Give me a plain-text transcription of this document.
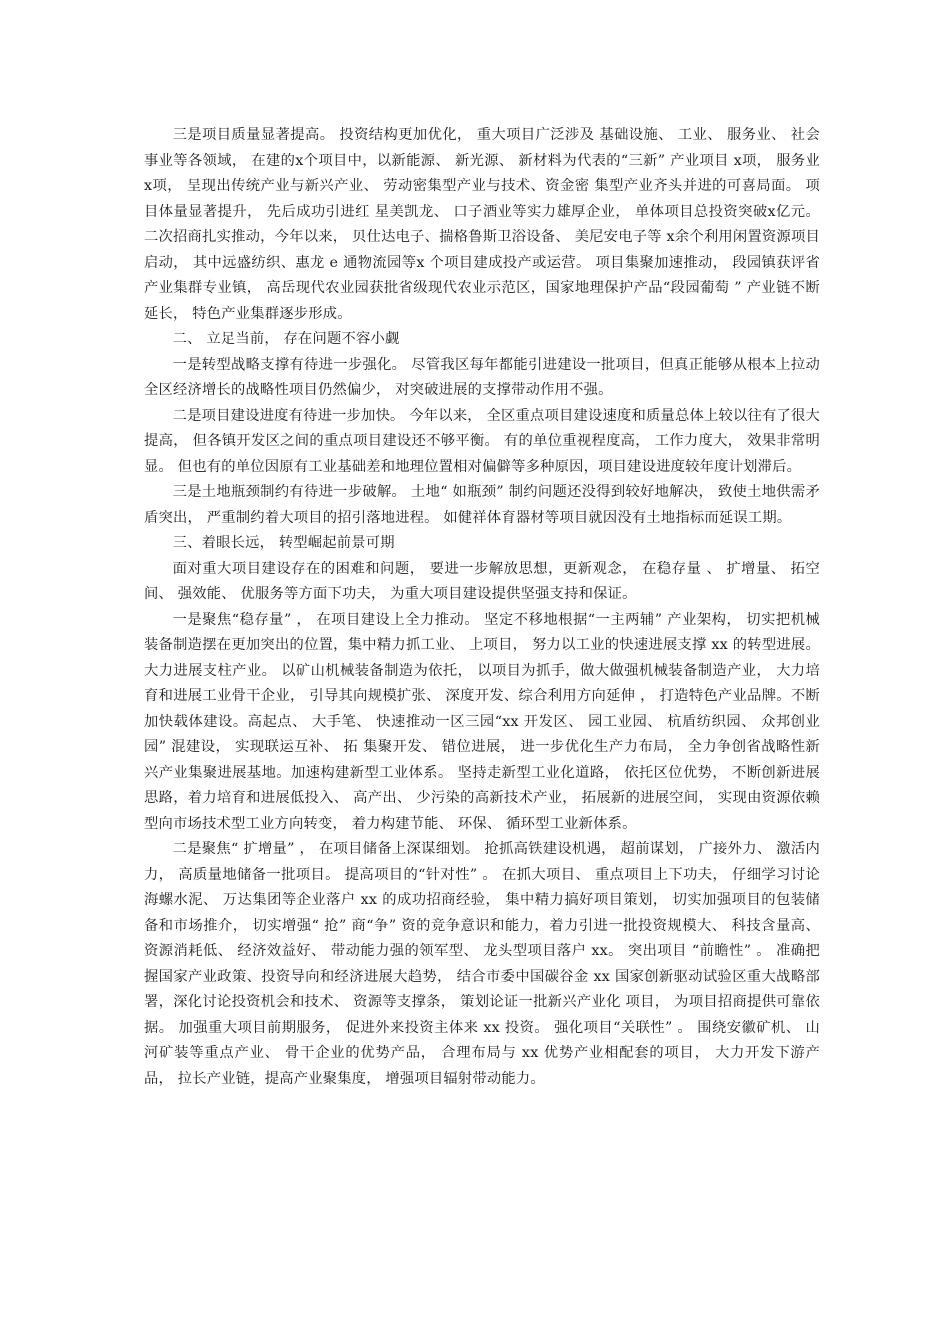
三是项目质量显著提高。 投资结构更加优化， 重大项目广泛涉及 基础设施、 工业、 服务业、 社会事业等各领域， 在建的x个项目中，以新能源、 新光源、 新材料为代表的“三新” 产业项目 x项， 服务业 x项， 呈现出传统产业与新兴产业、 劳动密集型产业与技术、资金密 集型产业齐头并进的可喜局面。 项目体量显著提升， 先后成功引进红 星美凯龙、 口子酒业等实力雄厚企业， 单体项目总投资突破x亿元。 二次招商扎实推动，今年以来， 贝仕达电子、揣格鲁斯卫浴设备、 美尼安电子等 x余个利用闲置资源项目启动， 其中远盛纺织、惠龙 e 通物流园等x 个项目建成投产或运营。 项目集聚加速推动， 段园镇获评省产业集群专业镇， 高岳现代农业园获批省级现代农业示范区，国家地理保护产品“段园葡萄 ” 产业链不断延长， 特色产业集群逐步形成。

二、 立足当前， 存在问题不容小觑

一是转型战略支撑有待进一步强化。 尽管我区每年都能引进建设一批项目，但真正能够从根本上拉动全区经济增长的战略性项目仍然偏少， 对突破进展的支撑带动作用不强。

二是项目建设进度有待进一步加快。 今年以来， 全区重点项目建设速度和质量总体上较以往有了很大提高， 但各镇开发区之间的重点项目建设还不够平衡。 有的单位重视程度高， 工作力度大， 效果非常明显。 但也有的单位因原有工业基础差和地理位置相对偏僻等多种原因，项目建设进度较年度计划滞后。

三是土地瓶颈制约有待进一步破解。 土地“ 如瓶颈” 制约问题还没得到较好地解决， 致使土地供需矛盾突出， 严重制约着大项目的招引落地进程。 如健祥体育器材等项目就因没有土地指标而延误工期。

三、着眼长远， 转型崛起前景可期

面对重大项目建设存在的困难和问题， 要进一步解放思想，更新观念， 在稳存量 、 扩增量、 拓空间、 强效能、 优服务等方面下功夫， 为重大项目建设提供坚强支持和保证。

一是聚焦“稳存量” ， 在项目建设上全力推动。 坚定不移地根据“一主两辅” 产业架构， 切实把机械装备制造摆在更加突出的位置，集中精力抓工业、 上项目， 努力以工业的快速进展支撑 xx 的转型进展。 大力进展支柱产业。 以矿山机械装备制造为依托， 以项目为抓手，做大做强机械装备制造产业， 大力培育和进展工业骨干企业， 引导其向规模扩张、 深度开发、综合利用方向延伸 ， 打造特色产业品牌。不断加快载体建设。高起点、 大手笔、 快速推动一区三园“xx 开发区、 园工业园、 杭盾纺织园、 众邦创业园” 混建设， 实现联运互补、 拓 集聚开发、 错位进展， 进一步优化生产力布局， 全力争创省战略性新兴产业集聚进展基地。加速构建新型工业体系。 坚持走新型工业化道路， 依托区位优势， 不断创新进展思路，着力培育和进展低投入、 高产出、 少污染的高新技术产业， 拓展新的进展空间， 实现由资源依赖型向市场技术型工业方向转变， 着力构建节能、 环保、 循环型工业新体系。

二是聚焦“ 扩增量” ， 在项目储备上深谋细划。 抢抓高铁建设机遇， 超前谋划， 广接外力、 激活内力， 高质量地储备一批项目。 提高项目的“针对性” 。 在抓大项目、 重点项目上下功夫， 仔细学习讨论海螺水泥、 万达集团等企业落户 xx 的成功招商经验， 集中精力搞好项目策划， 切实加强项目的包装储备和市场推介， 切实增强“ 抢” 商“争” 资的竞争意识和能力，着力引进一批投资规模大、 科技含量高、 资源消耗低、 经济效益好、 带动能力强的领军型、 龙头型项目落户 xx。 突出项目 “前瞻性” 。 准确把握国家产业政策、投资导向和经济进展大趋势， 结合市委中国碳谷金 xx 国家创新驱动试验区重大战略部署，深化讨论投资机会和技术、 资源等支撑条， 策划论证一批新兴产业化 项目， 为项目招商提供可靠依据。 加强重大项目前期服务， 促进外来投资主体来 xx 投资。 强化项目“关联性” 。 围绕安徽矿机、 山河矿装等重点产业、 骨干企业的优势产品， 合理布局与 xx 优势产业相配套的项目， 大力开发下游产品， 拉长产业链，提高产业聚集度， 增强项目辐射带动能力。
